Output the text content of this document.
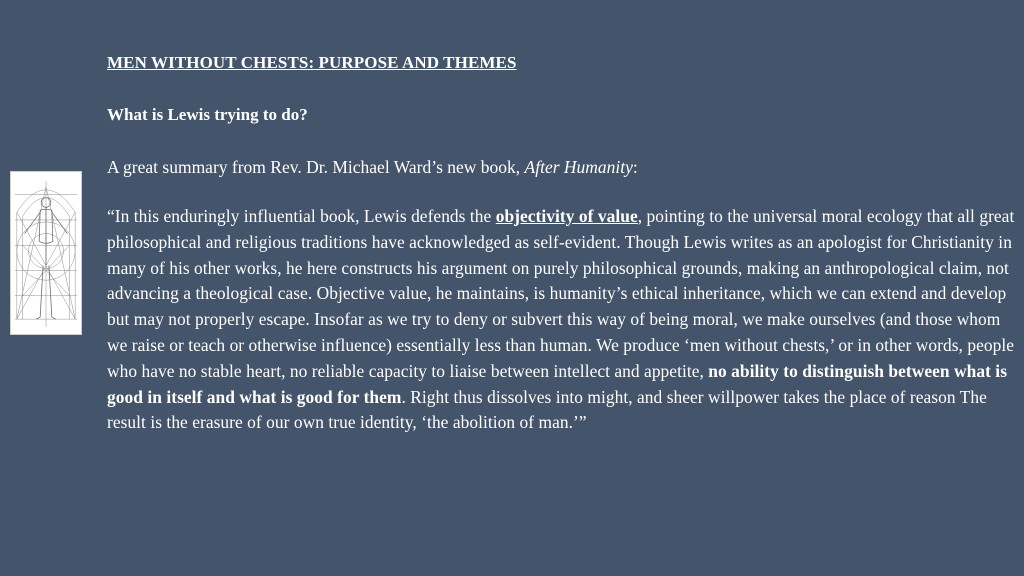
MEN WITHOUT CHESTS: PURPOSE AND THEMES

What is Lewis trying to do?

A great summary from Rev. Dr. Michael Ward’s new book, After Humanity:

“In this enduringly influential book, Lewis defends the objectivity of value, pointing to the universal moral ecology that all great philosophical and religious traditions have acknowledged as self-evident. Though Lewis writes as an apologist for Christianity in many of his other works, he here constructs his argument on purely philosophical grounds, making an anthropological claim, not advancing a theological case. Objective value, he maintains, is humanity’s ethical inheritance, which we can extend and develop but may not properly escape. Insofar as we try to deny or subvert this way of being moral, we make ourselves (and those whom we raise or teach or otherwise influence) essentially less than human. We produce ‘men without chests,’ or in other words, people who have no stable heart, no reliable capacity to liaise between intellect and appetite, no ability to distinguish between what is good in itself and what is good for them. Right thus dissolves into might, and sheer willpower takes the place of reason The result is the erasure of our own true identity, ‘the abolition of man.’”
